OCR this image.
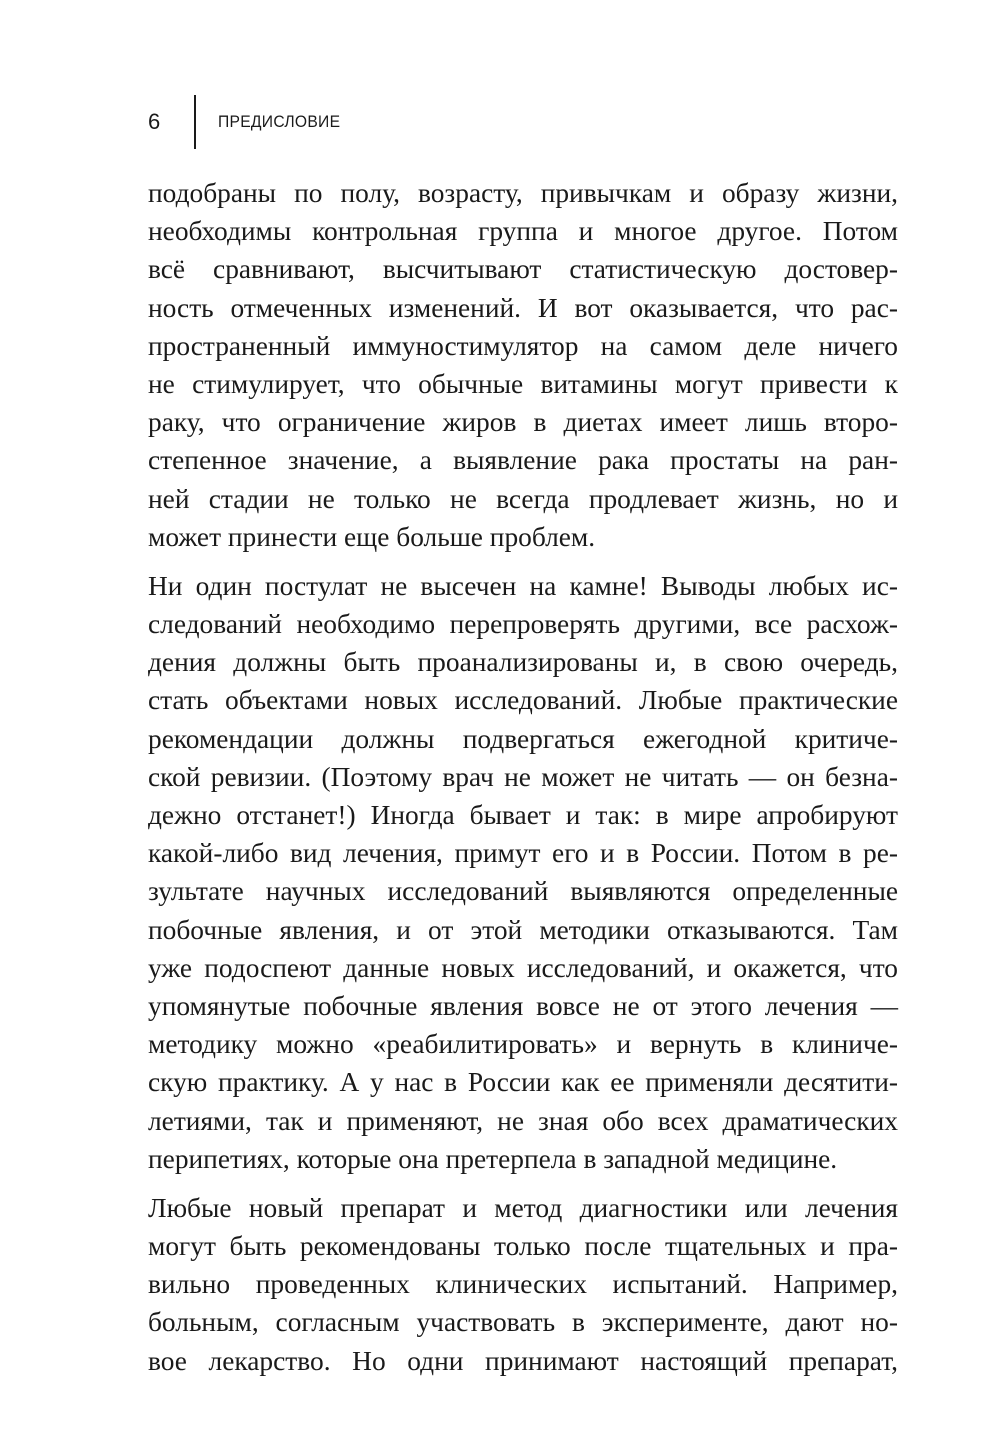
6	ПРЕДИСЛОВИЕ
подобраны по полу, возрасту, привычкам и образу жизни,
необходимы контрольная группа и многое другое. Потом
всё сравнивают, высчитывают статистическую достовер-
ность отмеченных изменений. И вот оказывается, что рас-
пространенный иммуностимулятор на самом деле ничего
не стимулирует, что обычные витамины могут привести к
раку, что ограничение жиров в диетах имеет лишь второ-
степенное значение, а выявление рака простаты на ран-
ней стадии не только не всегда продлевает жизнь, но и
может принести еще больше проблем.
Ни один постулат не высечен на камне! Выводы любых ис-
следований необходимо перепроверять другими, все расхож-
дения должны быть проанализированы и, в свою очередь,
стать объектами новых исследований. Любые практические
рекомендации должны подвергаться ежегодной критиче-
ской ревизии. (Поэтому врач не может не читать — он безна-
дежно отстанет!) Иногда бывает и так: в мире апробируют
какой-либо вид лечения, примут его и в России. Потом в ре-
зультате научных исследований выявляются определенные
побочные явления, и от этой методики отказываются. Там
уже подоспеют данные новых исследований, и окажется, что
упомянутые побочные явления вовсе не от этого лечения —
методику можно «реабилитировать» и вернуть в клиниче-
скую практику. А у нас в России как ее применяли десятити-
летиями, так и применяют, не зная обо всех драматических
перипетиях, которые она претерпела в западной медицине.
Любые новый препарат и метод диагностики или лечения
могут быть рекомендованы только после тщательных и пра-
вильно проведенных клинических испытаний. Например,
больным, согласным участвовать в эксперименте, дают но-
вое лекарство. Но одни принимают настоящий препарат,
